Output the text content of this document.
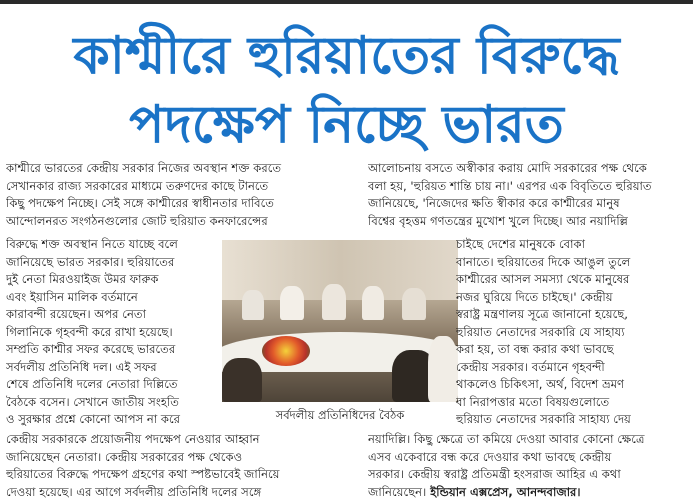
কাশ্মীরে হুরিয়াতের বিরুদ্ধে
পদক্ষেপ নিচ্ছে ভারত

কাশ্মীরে ভারতের কেন্দ্রীয় সরকার নিজের অবস্থান শক্ত করতে

সেখানকার রাজ্য সরকারের মাধ্যমে তরুণদের কাছে টানতে

কিছু পদক্ষেপ নিচ্ছে। সেই সঙ্গে কাশ্মীরের স্বাধীনতার দাবিতে

আন্দোলনরত সংগঠনগুলোর জোট হুরিয়াত কনফারেন্সের

বিরুদ্ধে শক্ত অবস্থান নিতে যাচ্ছে বলে

জানিয়েছে ভারত সরকার। হুরিয়াতের

দুই নেতা মিরওয়াইজ উমর ফারুক

এবং ইয়াসিন মালিক বর্তমানে

কারাবন্দী রয়েছেন। অপর নেতা

গিলানিকে গৃহবন্দী করে রাখা হয়েছে।

সম্প্রতি কাশ্মীর সফর করেছে ভারতের

সর্বদলীয় প্রতিনিধি দল। এই সফর

শেষে প্রতিনিধি দলের নেতারা দিল্লিতে

বৈঠকে বসেন। সেখানে জাতীয় সংহতি

ও সুরক্ষার প্রশ্নে কোনো আপস না করে	সর্বদলীয় প্রতিনিধিদের বৈঠক

কেন্দ্রীয় সরকারকে প্রয়োজনীয় পদক্ষেপ নেওয়ার আহ্বান

জানিয়েছেন নেতারা। কেন্দ্রীয় সরকারের পক্ষ থেকেও

হুরিয়াতের বিরুদ্ধে পদক্ষেপ গ্রহণের কথা স্পষ্টভাবেই জানিয়ে

দেওয়া হয়েছে। এর আগে সর্বদলীয় প্রতিনিধি দলের সঙ্গে

আলোচনায় বসতে অস্বীকার করায় মোদি সরকারের পক্ষ থেকে

বলা হয়, 'হুরিয়ত শান্তি চায় না।' এরপর এক বিবৃতিতে হুরিয়াত

জানিয়েছে, 'নিজেদের ক্ষতি স্বীকার করে কাশ্মীরের মানুষ

বিশ্বের বৃহত্তম গণতন্ত্রের মুখোশ খুলে দিচ্ছে। আর নয়াদিল্লি

চাইছে দেশের মানুষকে বোকা

বানাতে। হুরিয়াতের দিকে আঙুল তুলে

কাশ্মীরের আসল সমস্যা থেকে মানুষের

নজর ঘুরিয়ে দিতে চাইছে।' কেন্দ্রীয়

স্বরাষ্ট্র মন্ত্রণালয় সূত্রে জানানো হয়েছে,

হুরিয়াত নেতাদের সরকারি যে সাহায্য

করা হয়, তা বন্ধ করার কথা ভাবছে

কেন্দ্রীয় সরকার। বর্তমানে গৃহবন্দী

থাকলেও চিকিৎসা, অর্থ, বিদেশ ভ্রমণ

বা নিরাপত্তার মতো বিষয়গুলোতে

হুরিয়াত নেতাদের সরকারি সাহায্য দেয়

নয়াদিল্লি। কিছু ক্ষেত্রে তা কমিয়ে দেওয়া আবার কোনো ক্ষেত্রে

এসব একেবারে বন্ধ করে দেওয়ার কথা ভাবছে কেন্দ্রীয়

সরকার। কেন্দ্রীয় স্বরাষ্ট্র প্রতিমন্ত্রী হংসরাজ আহির এ কথা

জানিয়েছেন। ইন্ডিয়ান এক্সপ্রেস, আনন্দবাজার।
